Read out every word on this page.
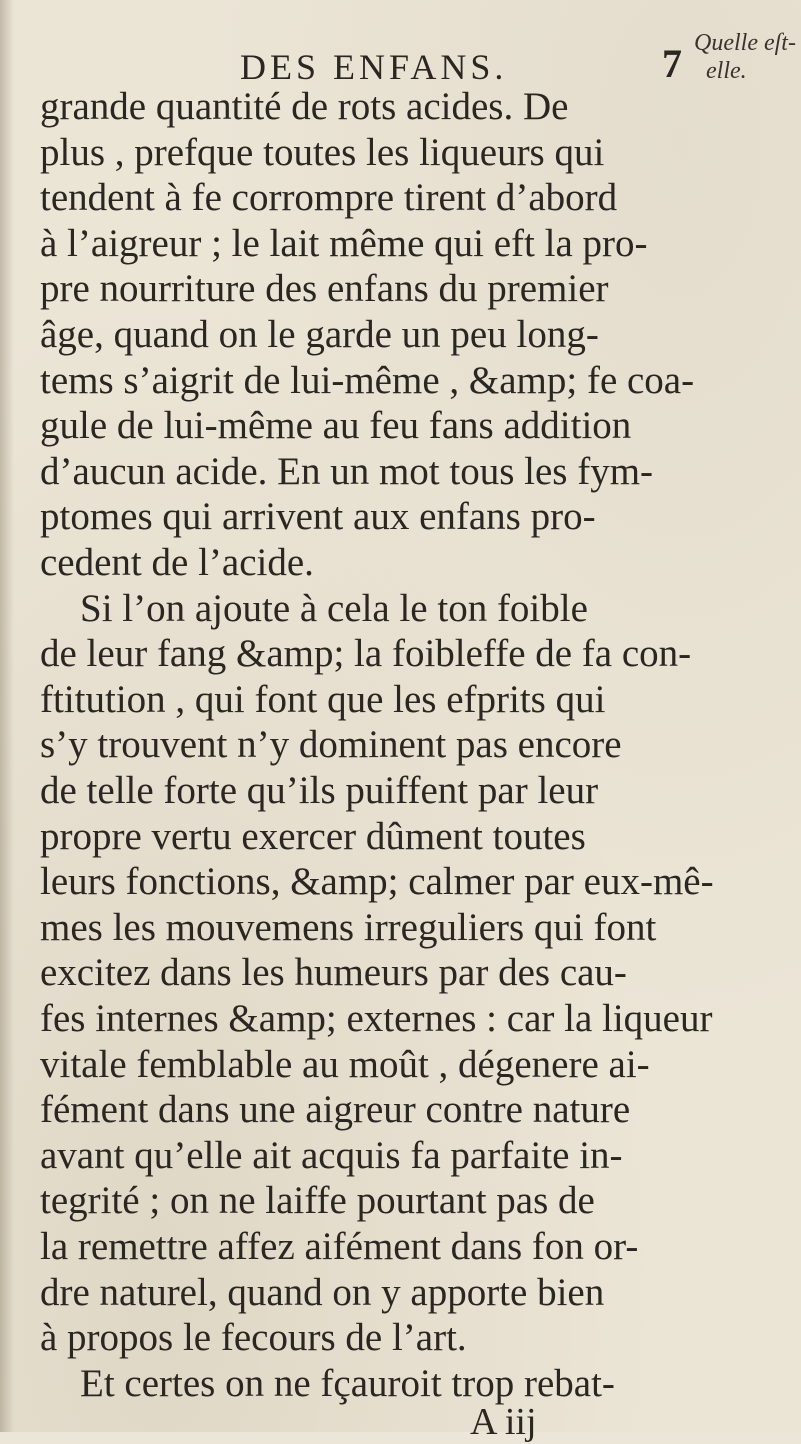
DES ENFANS.	7 Quelle eſt-
elle.
grande quantité de rots acides. De
plus , prefque toutes les liqueurs qui
tendent à fe corrompre tirent d’abord
à l’aigreur ; le lait même qui eft la pro-
pre nourriture des enfans du premier
âge, quand on le garde un peu long-
tems s’aigrit de lui-même , &amp; fe coa-
gule de lui-même au feu fans addition
d’aucun acide. En un mot tous les fym-
ptomes qui arrivent aux enfans pro-
cedent de l’acide.
Si l’on ajoute à cela le ton foible
de leur fang &amp; la foibleffe de fa con-
ftitution , qui font que les efprits qui
s’y trouvent n’y dominent pas encore
de telle forte qu’ils puiffent par leur
propre vertu exercer dûment toutes
leurs fonctions, &amp; calmer par eux-mê-
mes les mouvemens irreguliers qui font
excitez dans les humeurs par des cau-
fes internes &amp; externes : car la liqueur
vitale femblable au moût , dégenere ai-
fément dans une aigreur contre nature
avant qu’elle ait acquis fa parfaite in-
tegrité ; on ne laiffe pourtant pas de
la remettre affez aifément dans fon or-
dre naturel, quand on y apporte bien
à propos le fecours de l’art.
Et certes on ne fçauroit trop rebat-
A iij
